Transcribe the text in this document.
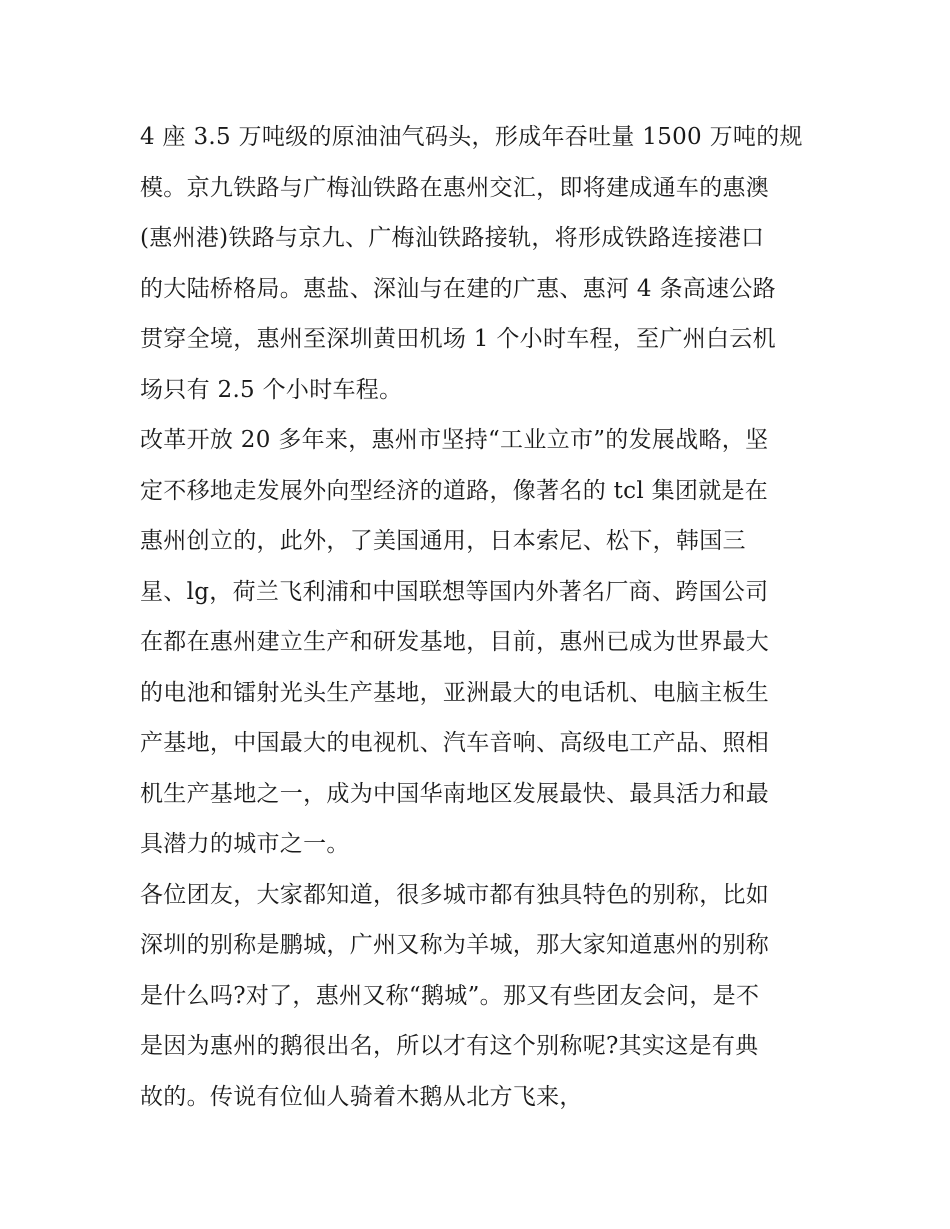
4 座 3.5 万吨级的原油油气码头，形成年吞吐量 1500 万吨的规
模。京九铁路与广梅汕铁路在惠州交汇，即将建成通车的惠澳
(惠州港)铁路与京九、广梅汕铁路接轨，将形成铁路连接港口
的大陆桥格局。惠盐、深汕与在建的广惠、惠河 4 条高速公路
贯穿全境，惠州至深圳黄田机场 1 个小时车程，至广州白云机
场只有 2.5 个小时车程。

改革开放 20 多年来，惠州市坚持“工业立市”的发展战略，坚
定不移地走发展外向型经济的道路，像著名的 tcl 集团就是在
惠州创立的，此外，了美国通用，日本索尼、松下，韩国三
星、lg，荷兰飞利浦和中国联想等国内外著名厂商、跨国公司
在都在惠州建立生产和研发基地，目前，惠州已成为世界最大
的电池和镭射光头生产基地，亚洲最大的电话机、电脑主板生
产基地，中国最大的电视机、汽车音响、高级电工产品、照相
机生产基地之一，成为中国华南地区发展最快、最具活力和最
具潜力的城市之一。

各位团友，大家都知道，很多城市都有独具特色的别称，比如
深圳的别称是鹏城，广州又称为羊城，那大家知道惠州的别称
是什么吗?对了，惠州又称“鹅城”。那又有些团友会问，是不
是因为惠州的鹅很出名，所以才有这个别称呢?其实这是有典
故的。传说有位仙人骑着木鹅从北方飞来，
